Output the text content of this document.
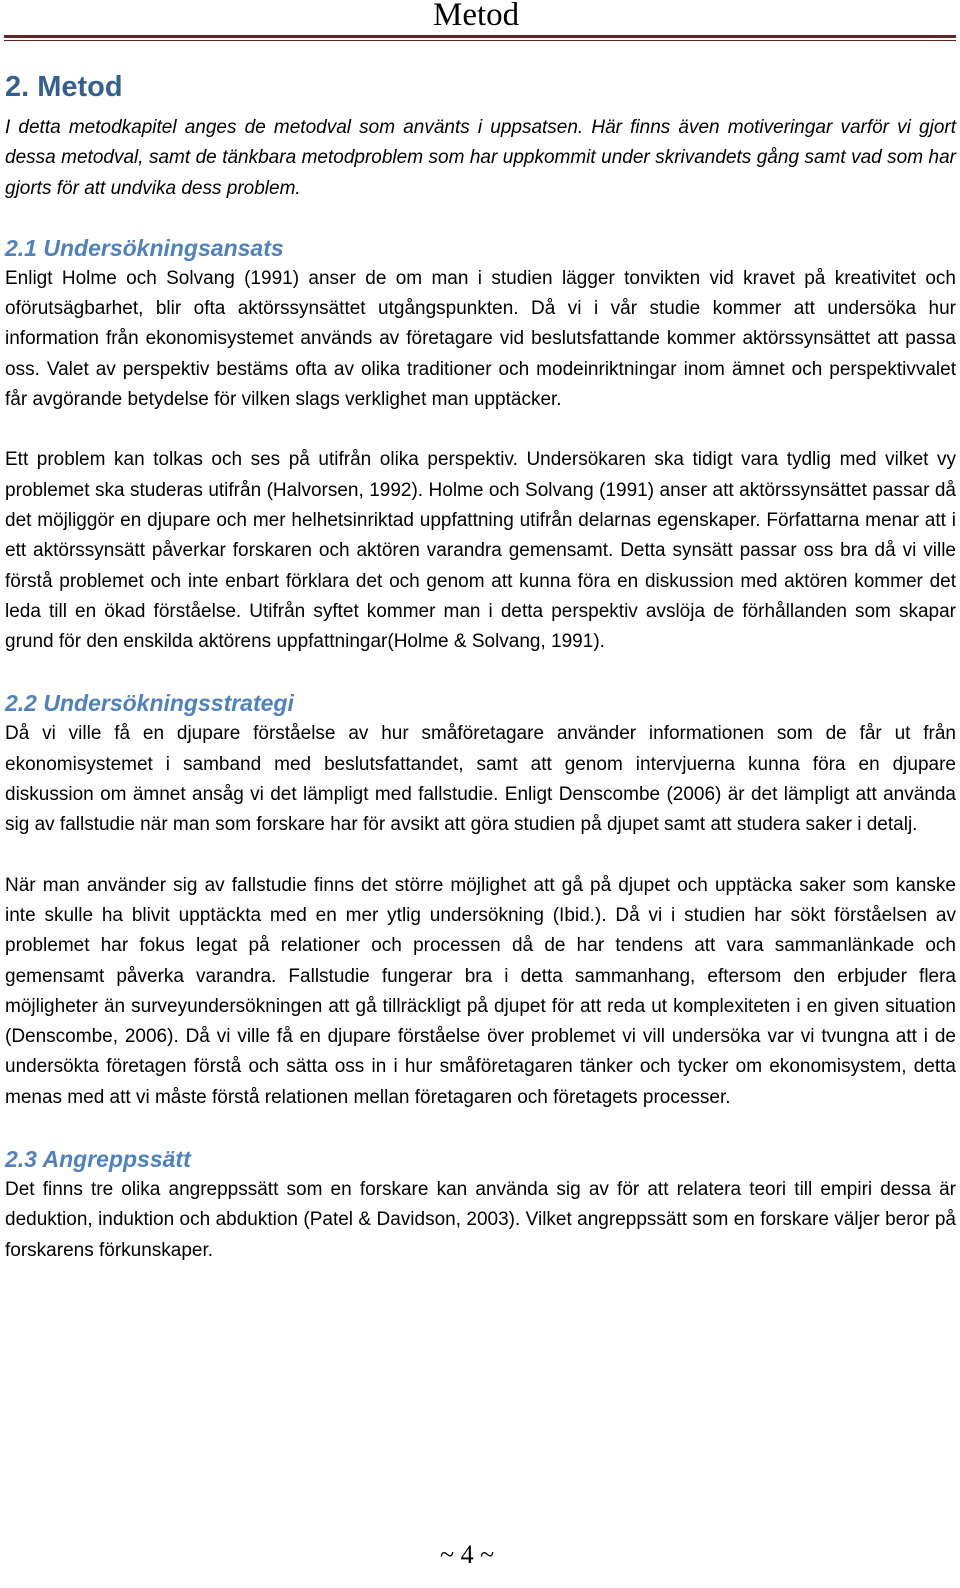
Metod
2. Metod

I detta metodkapitel anges de metodval som använts i uppsatsen. Här finns även motiveringar varför vi gjort dessa metodval, samt de tänkbara metodproblem som har uppkommit under skrivandets gång samt vad som har gjorts för att undvika dess problem.

2.1 Undersökningsansats

Enligt Holme och Solvang (1991) anser de om man i studien lägger tonvikten vid kravet på kreativitet och oförutsägbarhet, blir ofta aktörssynsättet utgångspunkten. Då vi i vår studie kommer att undersöka hur information från ekonomisystemet används av företagare vid beslutsfattande kommer aktörssynsättet att passa oss. Valet av perspektiv bestäms ofta av olika traditioner och modeinriktningar inom ämnet och perspektivvalet får avgörande betydelse för vilken slags verklighet man upptäcker.

Ett problem kan tolkas och ses på utifrån olika perspektiv. Undersökaren ska tidigt vara tydlig med vilket vy problemet ska studeras utifrån (Halvorsen, 1992). Holme och Solvang (1991) anser att aktörssynsättet passar då det möjliggör en djupare och mer helhetsinriktad uppfattning utifrån delarnas egenskaper. Författarna menar att i ett aktörssynsätt påverkar forskaren och aktören varandra gemensamt. Detta synsätt passar oss bra då vi ville förstå problemet och inte enbart förklara det och genom att kunna föra en diskussion med aktören kommer det leda till en ökad förståelse. Utifrån syftet kommer man i detta perspektiv avslöja de förhållanden som skapar grund för den enskilda aktörens uppfattningar(Holme & Solvang, 1991).

2.2 Undersökningsstrategi

Då vi ville få en djupare förståelse av hur småföretagare använder informationen som de får ut från ekonomisystemet i samband med beslutsfattandet, samt att genom intervjuerna kunna föra en djupare diskussion om ämnet ansåg vi det lämpligt med fallstudie. Enligt Denscombe (2006) är det lämpligt att använda sig av fallstudie när man som forskare har för avsikt att göra studien på djupet samt att studera saker i detalj.

När man använder sig av fallstudie finns det större möjlighet att gå på djupet och upptäcka saker som kanske inte skulle ha blivit upptäckta med en mer ytlig undersökning (Ibid.). Då vi i studien har sökt förståelsen av problemet har fokus legat på relationer och processen då de har tendens att vara sammanlänkade och gemensamt påverka varandra. Fallstudie fungerar bra i detta sammanhang, eftersom den erbjuder flera möjligheter än surveyundersökningen att gå tillräckligt på djupet för att reda ut komplexiteten i en given situation (Denscombe, 2006). Då vi ville få en djupare förståelse över problemet vi vill undersöka var vi tvungna att i de undersökta företagen förstå och sätta oss in i hur småföretagaren tänker och tycker om ekonomisystem, detta menas med att vi måste förstå relationen mellan företagaren och företagets processer.

2.3 Angreppssätt

Det finns tre olika angreppssätt som en forskare kan använda sig av för att relatera teori till empiri dessa är deduktion, induktion och abduktion (Patel & Davidson, 2003). Vilket angreppssätt som en forskare väljer beror på forskarens förkunskaper.

~ 4 ~
